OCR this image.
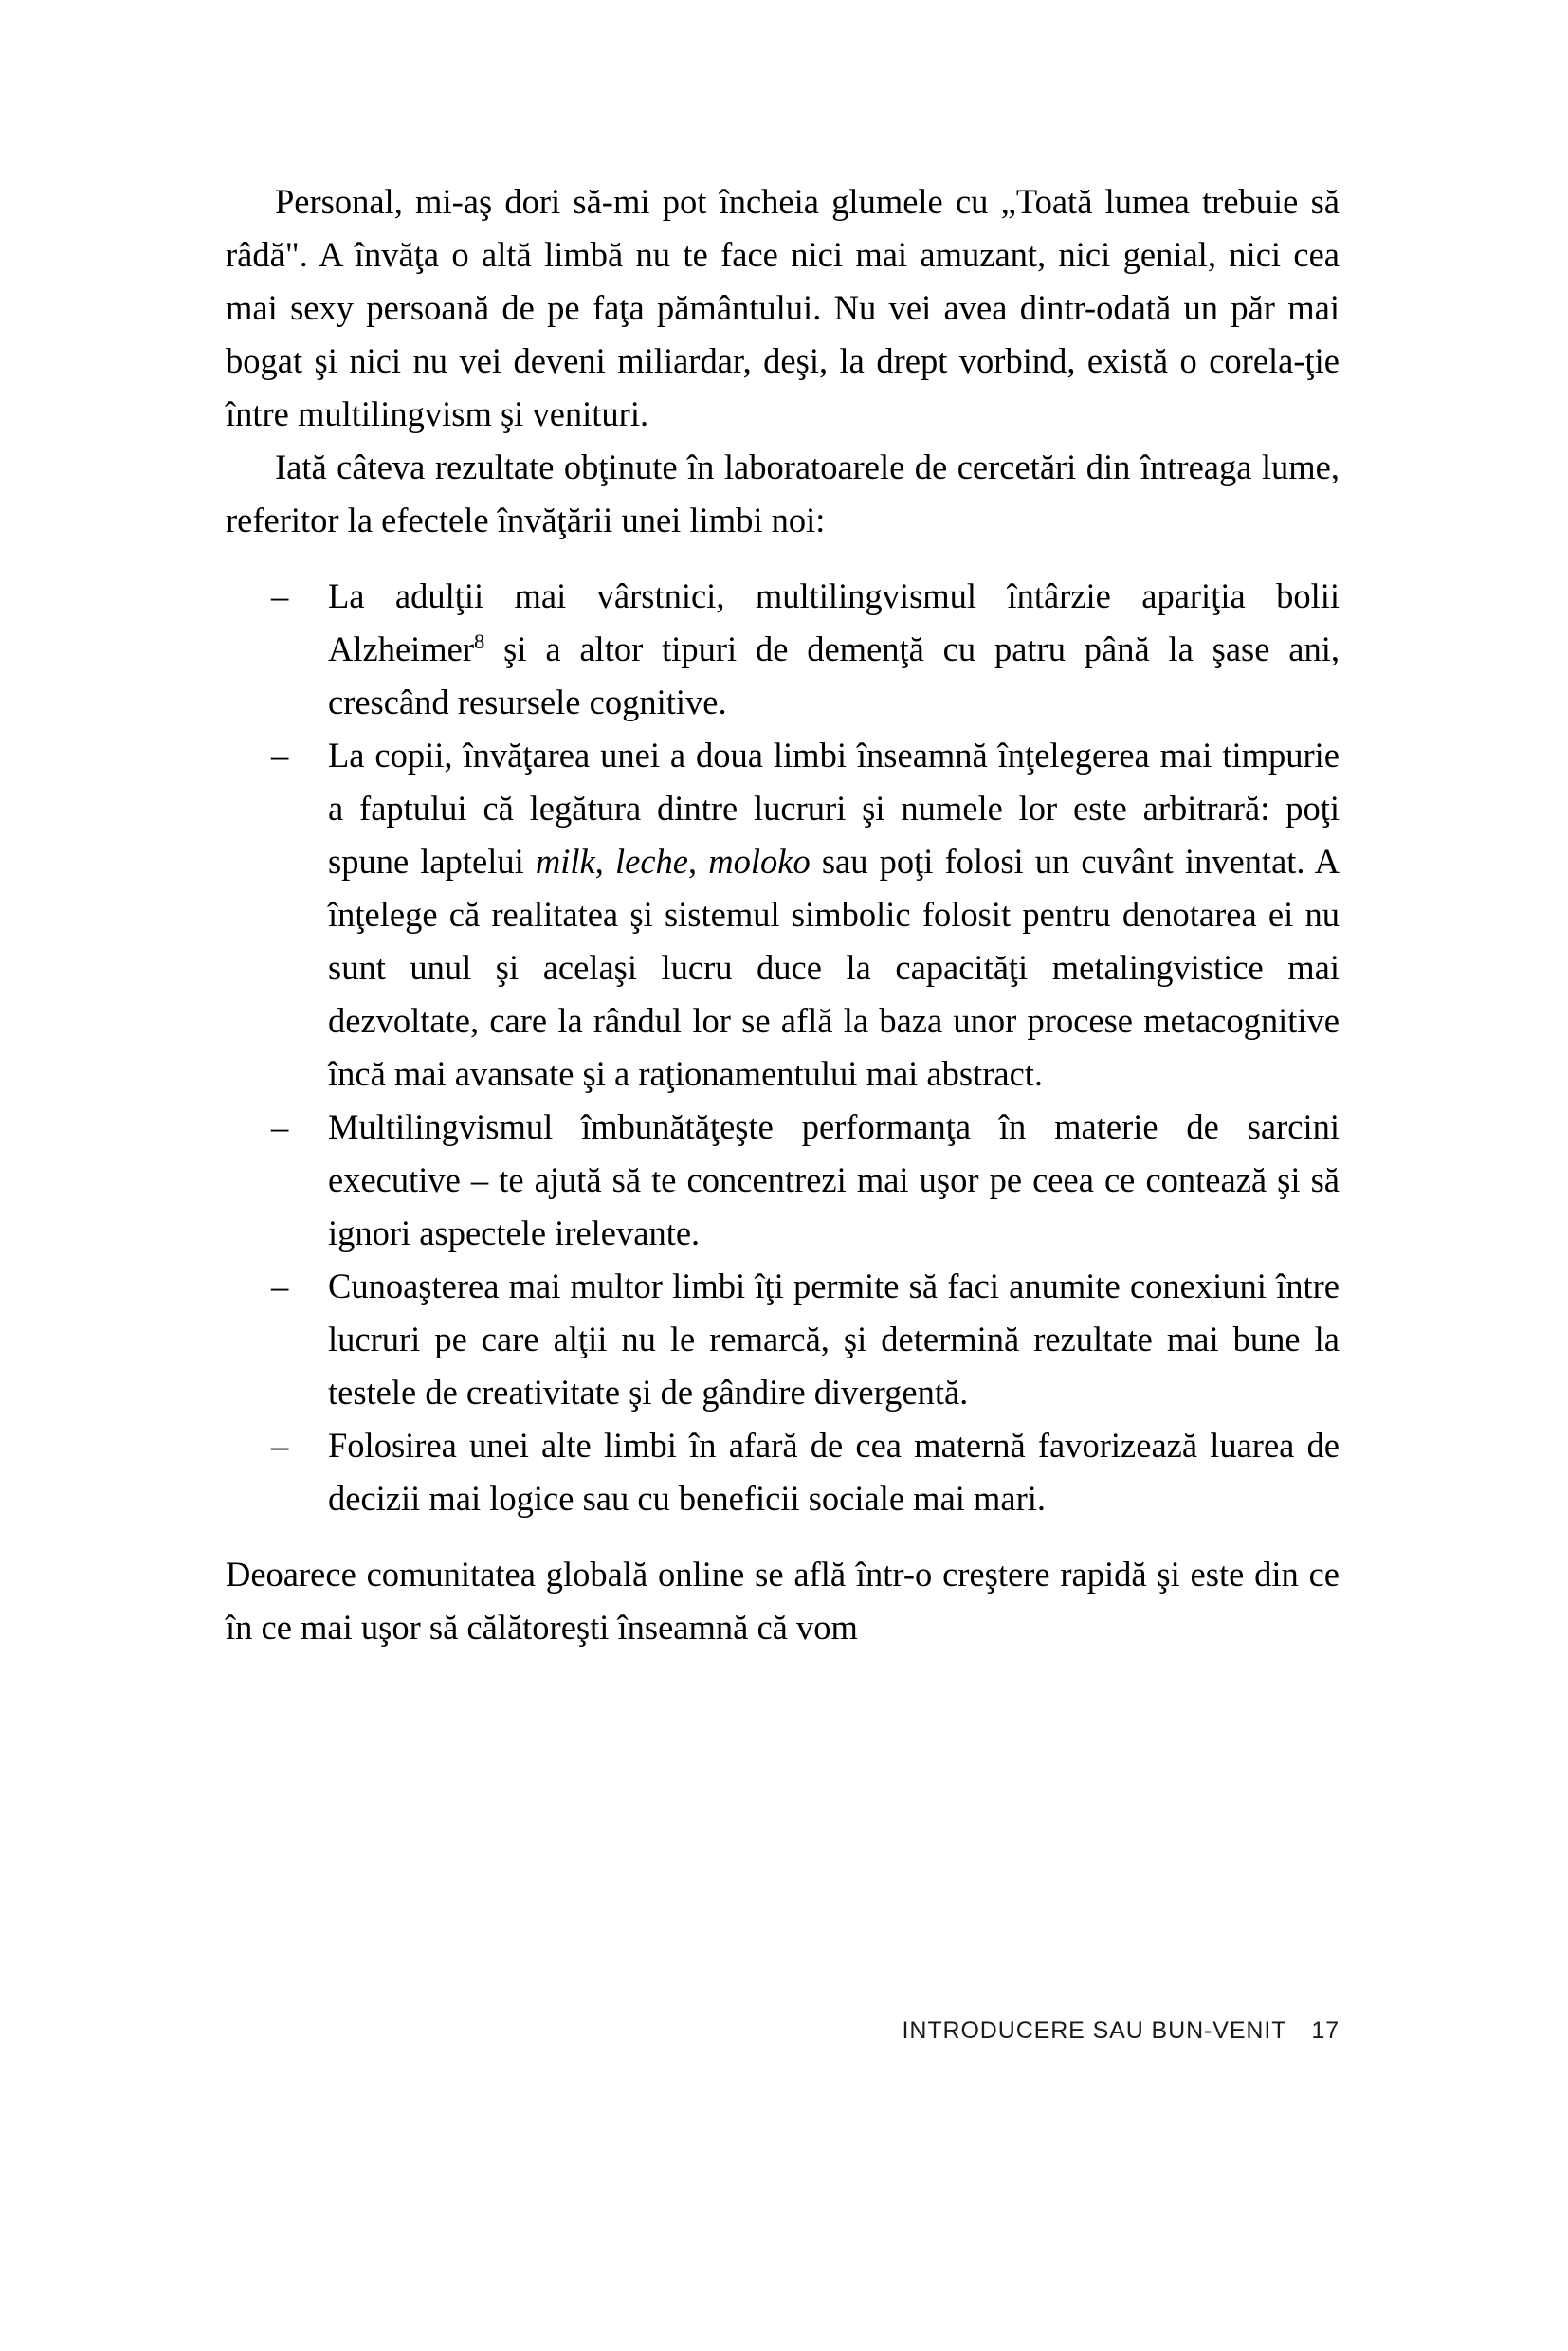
Personal, mi-aş dori să-mi pot încheia glumele cu „Toată lumea trebuie să râdă". A învăţa o altă limbă nu te face nici mai amuzant, nici genial, nici cea mai sexy persoană de pe faţa pământului. Nu vei avea dintr-odată un păr mai bogat şi nici nu vei deveni miliardar, deşi, la drept vorbind, există o corela-ţie între multilingvism şi venituri.

Iată câteva rezultate obţinute în laboratoarele de cercetări din întreaga lume, referitor la efectele învăţării unei limbi noi:

– La adulţii mai vârstnici, multilingvismul întârzie apariţia bolii Alzheimer$^8$ şi a altor tipuri de demenţă cu patru până la şase ani, crescând resursele cognitive.
– La copii, învăţarea unei a doua limbi înseamnă înţelegerea mai timpurie a faptului că legătura dintre lucruri şi numele lor este arbitrară: poţi spune laptelui milk, leche, moloko sau poţi folosi un cuvânt inventat. A înţelege că realitatea şi sistemul simbolic folosit pentru denotarea ei nu sunt unul şi acelaşi lucru duce la capacităţi metalingvistice mai dezvoltate, care la rândul lor se află la baza unor procese metacognitive încă mai avansate şi a raţionamentului mai abstract.
– Multilingvismul îmbunătăţeşte performanţa în materie de sarcini executive – te ajută să te concentrezi mai uşor pe ceea ce contează şi să ignori aspectele irelevante.
– Cunoaşterea mai multor limbi îţi permite să faci anumite conexiuni între lucruri pe care alţii nu le remarcă, şi determină rezultate mai bune la testele de creativitate şi de gândire divergentă.
– Folosirea unei alte limbi în afară de cea maternă favorizează luarea de decizii mai logice sau cu beneficii sociale mai mari.

Deoarece comunitatea globală online se află într-o creştere rapidă şi este din ce în ce mai uşor să călătoreşti înseamnă că vom

INTRODUCERE SAU BUN-VENIT 17
